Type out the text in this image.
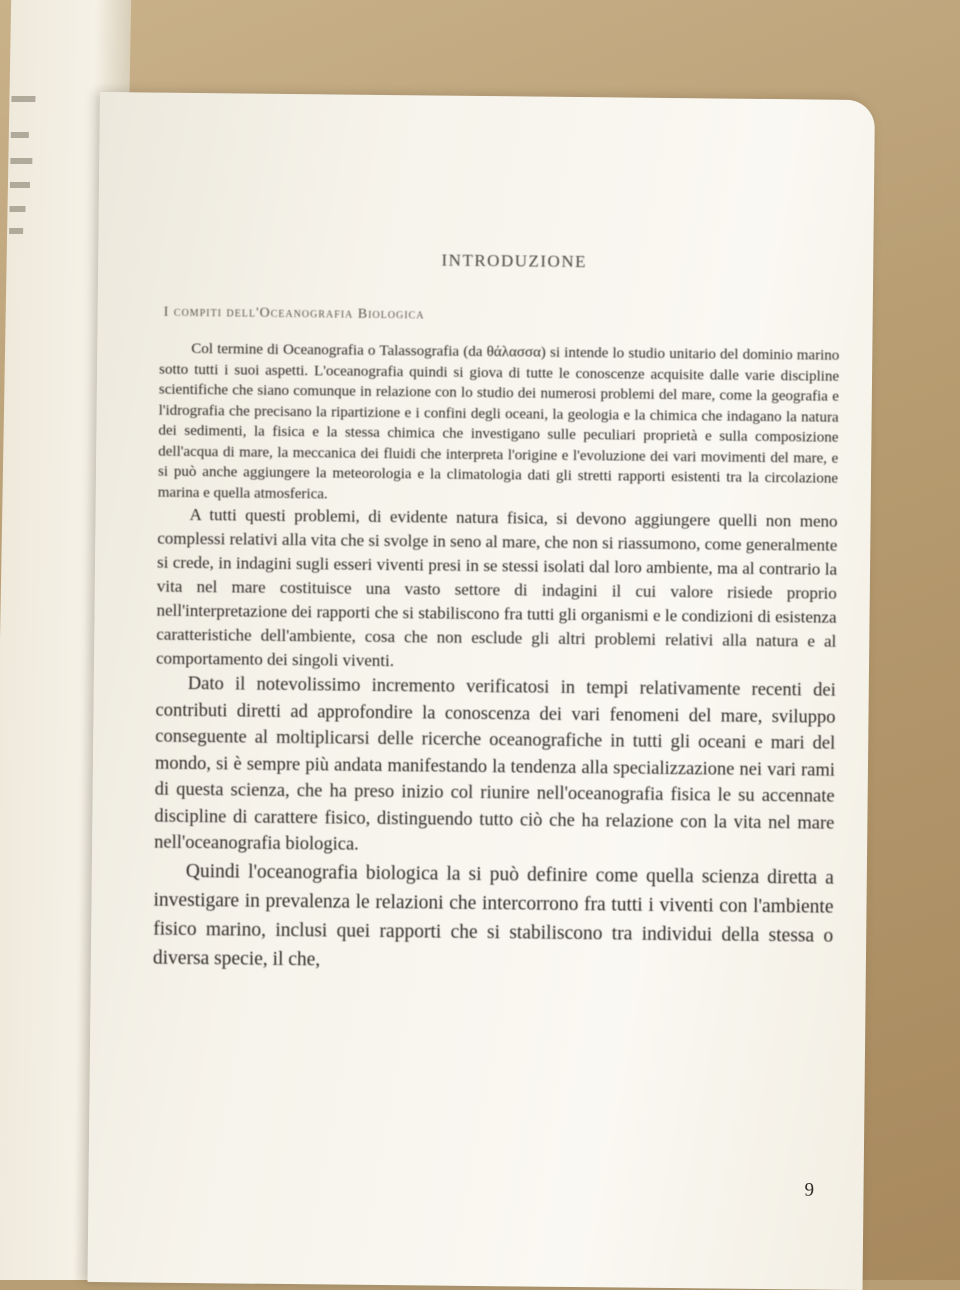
INTRODUZIONE
I compiti dell'Oceanografia Biologica

Col termine di Oceanografia o Talassografia (da θάλασσα) si intende lo studio unitario del dominio marino sotto tutti i suoi aspetti. L'oceanografia quindi si giova di tutte le conoscenze acquisite dalle varie discipline scientifiche che siano comunque in relazione con lo studio dei numerosi problemi del mare, come la geografia e l'idrografia che precisano la ripartizione e i confini degli oceani, la geologia e la chimica che indagano la natura dei sedimenti, la fisica e la stessa chimica che investigano sulle peculiari proprietà e sulla composizione dell'acqua di mare, la meccanica dei fluidi che interpreta l'origine e l'evoluzione dei vari movimenti del mare, e si può anche aggiungere la meteorologia e la climatologia dati gli stretti rapporti esistenti tra la circolazione marina e quella atmosferica.

A tutti questi problemi, di evidente natura fisica, si devono aggiungere quelli non meno complessi relativi alla vita che si svolge in seno al mare, che non si riassumono, come generalmente si crede, in indagini sugli esseri viventi presi in se stessi isolati dal loro ambiente, ma al contrario la vita nel mare costituisce una vasto settore di indagini il cui valore risiede proprio nell'interpretazione dei rapporti che si stabiliscono fra tutti gli organismi e le condizioni di esistenza caratteristiche dell'ambiente, cosa che non esclude gli altri problemi relativi alla natura e al comportamento dei singoli viventi.

Dato il notevolissimo incremento verificatosi in tempi relativamente recenti dei contributi diretti ad approfondire la conoscenza dei vari fenomeni del mare, sviluppo conseguente al moltiplicarsi delle ricerche oceanografiche in tutti gli oceani e mari del mondo, si è sempre più andata manifestando la tendenza alla specializzazione nei vari rami di questa scienza, che ha preso inizio col riunire nell'oceanografia fisica le su accennate discipline di carattere fisico, distinguendo tutto ciò che ha relazione con la vita nel mare nell'oceanografia biologica.

Quindi l'oceanografia biologica la si può definire come quella scienza diretta a investigare in prevalenza le relazioni che intercorrono fra tutti i viventi con l'ambiente fisico marino, inclusi quei rapporti che si stabiliscono tra individui della stessa o diversa specie, il che,

9
